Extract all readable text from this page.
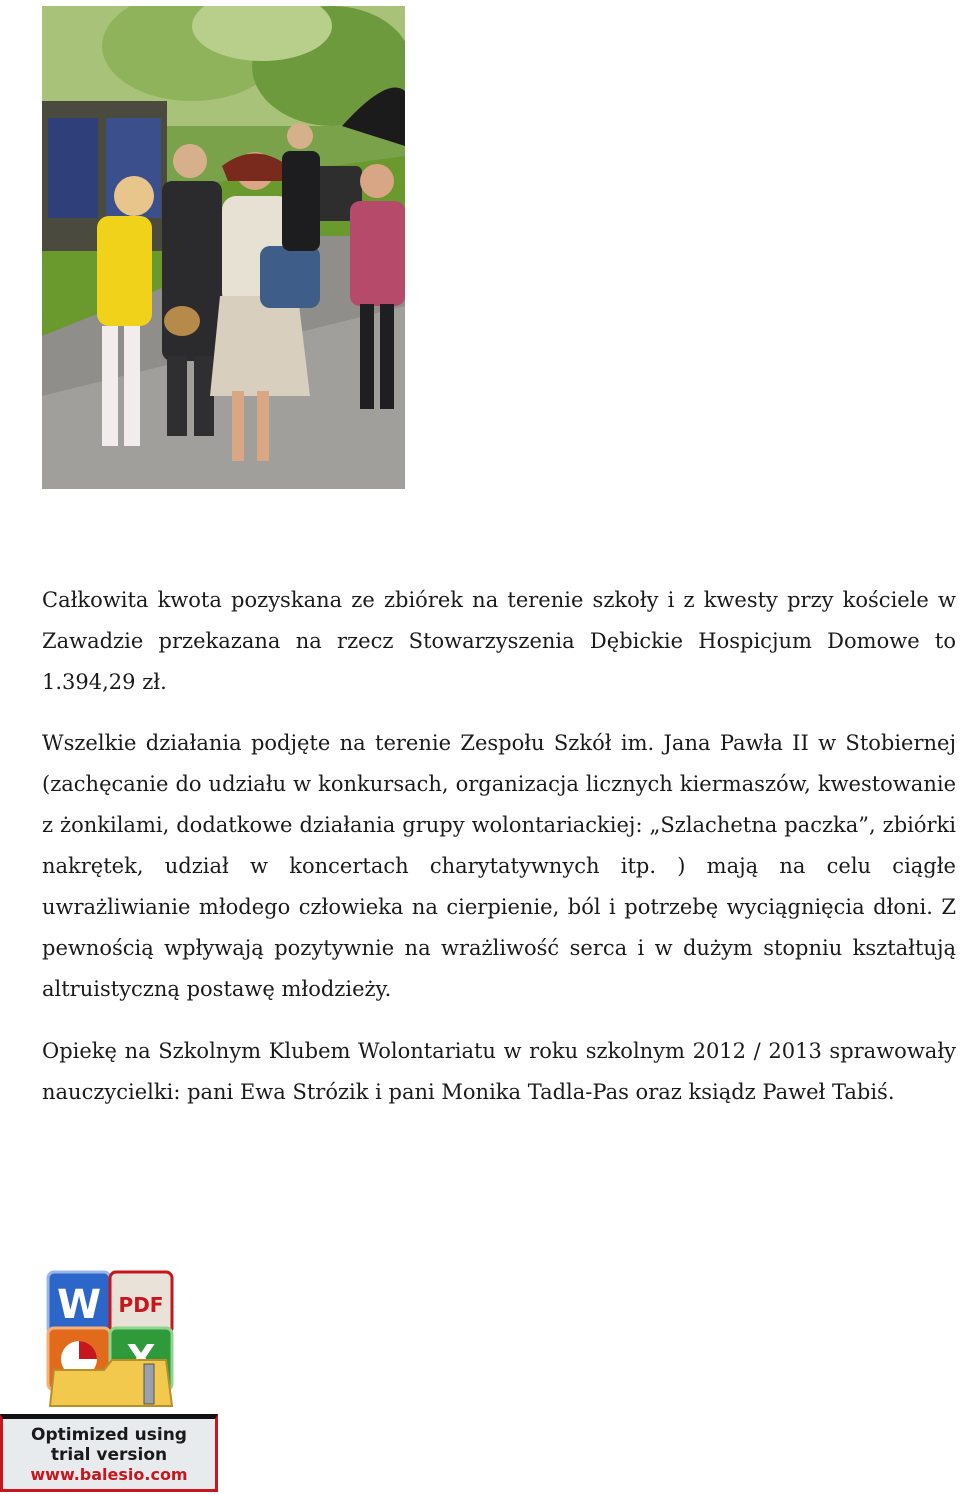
Całkowita kwota pozyskana ze zbiórek na terenie szkoły i z kwesty przy kościele w Zawadzie przekazana na rzecz Stowarzyszenia Dębickie Hospicjum Domowe to 1.394,29 zł.

Wszelkie działania podjęte na terenie Zespołu Szkół im. Jana Pawła II w Stobiernej (zachęcanie do udziału w konkursach, organizacja licznych kiermaszów, kwestowanie z żonkilami, dodatkowe działania grupy wolontariackiej: „Szlachetna paczka”, zbiórki nakrętek, udział w koncertach charytatywnych itp. ) mają na celu ciągłe uwrażliwianie młodego człowieka na cierpienie, ból i potrzebę wyciągnięcia dłoni. Z pewnością wpływają pozytywnie na wrażliwość serca i w dużym stopniu kształtują altruistyczną postawę młodzieży.

Opiekę na Szkolnym Klubem Wolontariatu w roku szkolnym 2012 / 2013 sprawowały nauczycielki: pani Ewa Strózik i pani Monika Tadla-Pas oraz ksiądz Paweł Tabiś.

W PDF
Optimized using
trial version
www.balesio.com
